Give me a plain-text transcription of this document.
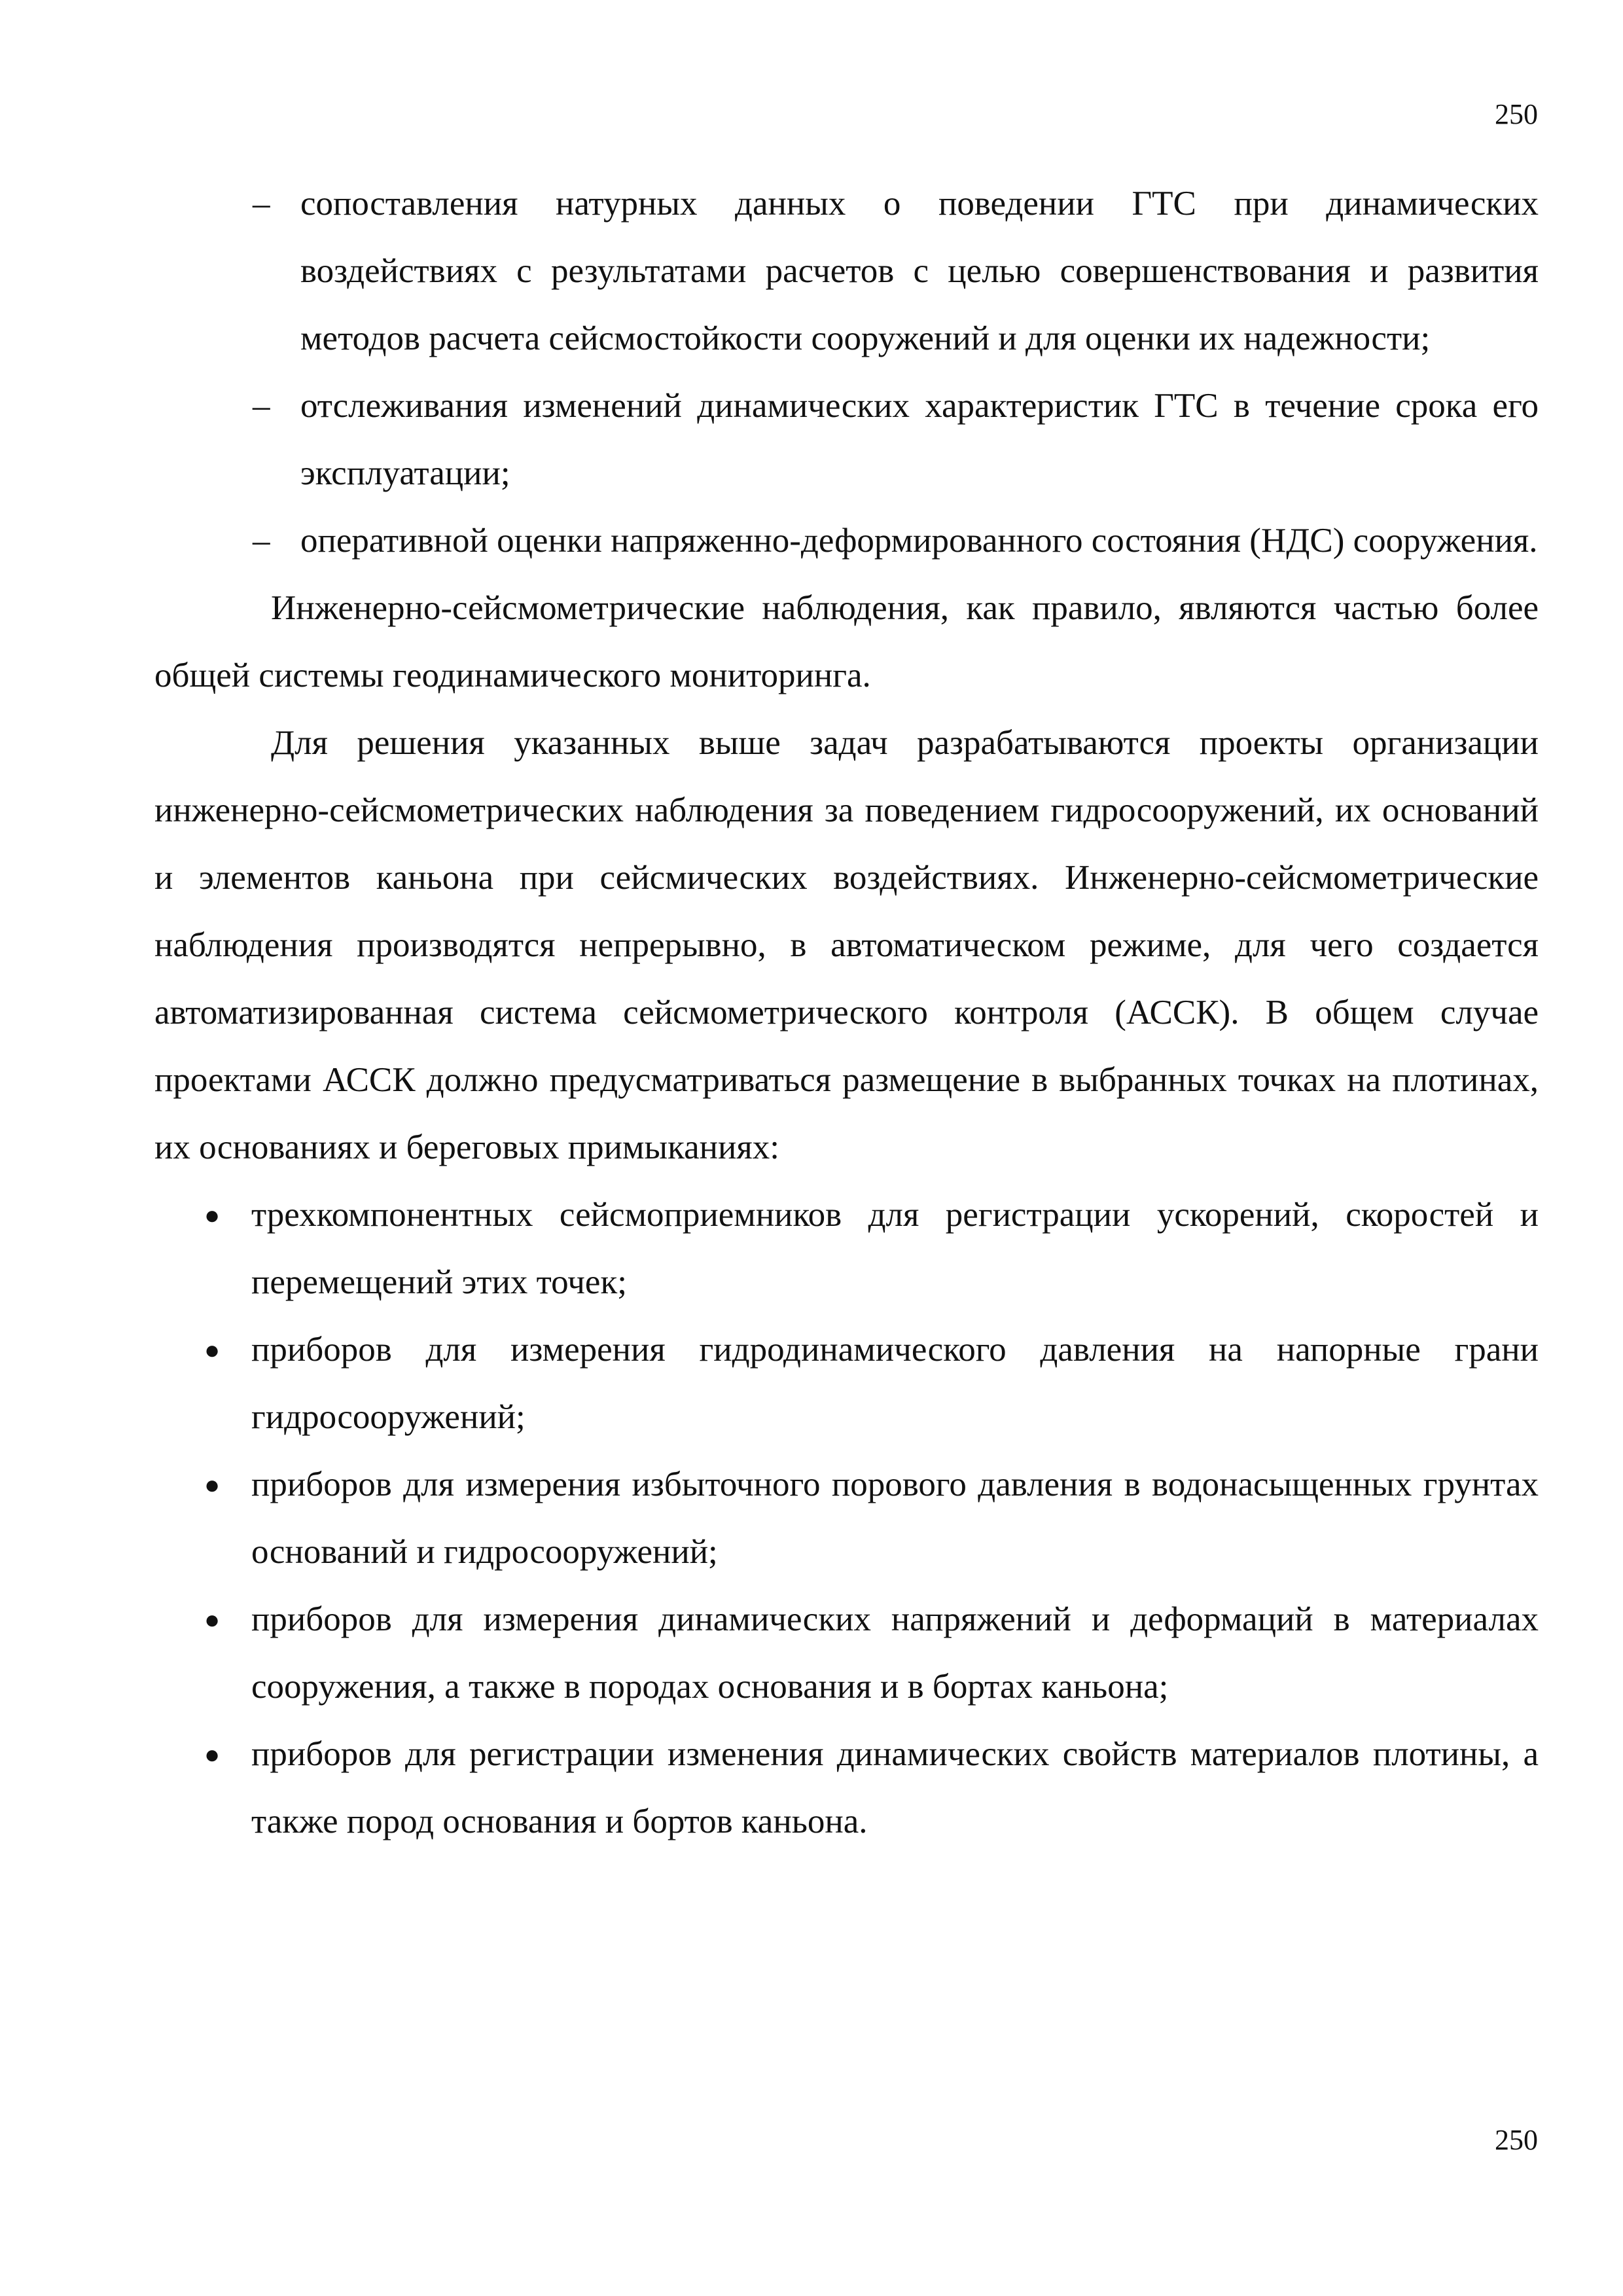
250
– сопоставления натурных данных о поведении ГТС при динамических воздействиях с результатами расчетов с целью совершенствования и развития методов расчета сейсмостойкости сооружений и для оценки их надежности;
– отслеживания изменений динамических характеристик ГТС в течение срока его эксплуатации;
– оперативной оценки напряженно-деформированного состояния (НДС) сооружения.

Инженерно-сейсмометрические наблюдения, как правило, являются частью более общей системы геодинамического мониторинга.

Для решения указанных выше задач разрабатываются проекты организации инженерно-сейсмометрических наблюдения за поведением гидросооружений, их оснований и элементов каньона при сейсмических воздействиях. Инженерно-сейсмометрические наблюдения производятся непрерывно, в автоматическом режиме, для чего создается автоматизированная система сейсмометрического контроля (АССК). В общем случае проектами АССК должно предусматриваться размещение в выбранных точках на плотинах, их основаниях и береговых примыканиях:

● трехкомпонентных сейсмоприемников для регистрации ускорений, скоростей и перемещений этих точек;
● приборов для измерения гидродинамического давления на напорные грани гидросооружений;
● приборов для измерения избыточного порового давления в водонасыщенных грунтах оснований и гидросооружений;
● приборов для измерения динамических напряжений и деформаций в материалах сооружения, а также в породах основания и в бортах каньона;
● приборов для регистрации изменения динамических свойств материалов плотины, а также пород основания и бортов каньона.
250
